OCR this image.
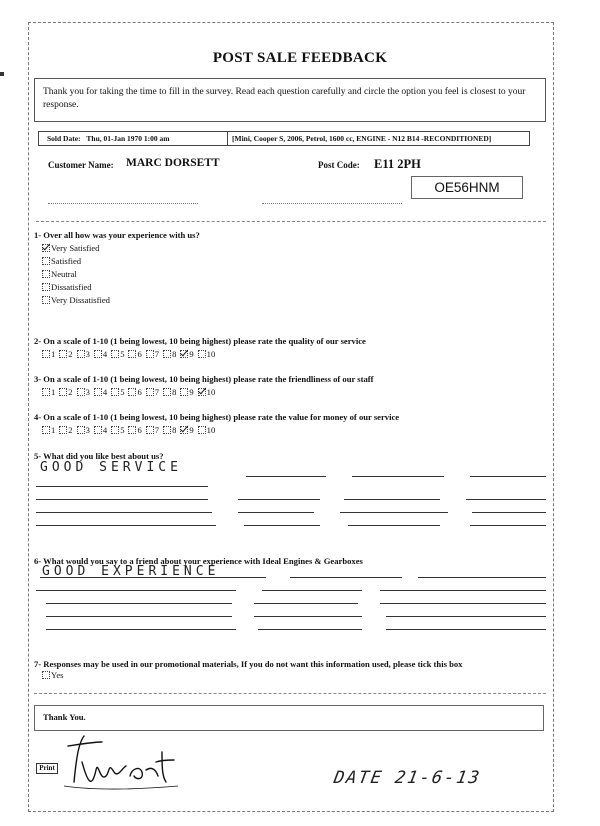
POST SALE FEEDBACK
Thank you for taking the time to fill in the survey. Read each question carefully and circle the option you feel is closest to your response.
Sold Date: Thu, 01-Jan 1970 1:00 am	[Mini, Cooper S, 2006, Petrol, 1600 cc, ENGINE - N12 B14 -RECONDITIONED]
Customer Name: MARC DORSETT	Post Code: E11 2PH
OE56HNM
1- Over all how was your experience with us?
Very Satisfied
Satisfied
Neutral
Dissatisfied
Very Dissatisfied
2- On a scale of 1-10 (1 being lowest, 10 being highest) please rate the quality of our service
1 2 3 4 5 6 7 8 9 10
3- On a scale of 1-10 (1 being lowest, 10 being highest) please rate the friendliness of our staff
1 2 3 4 5 6 7 8 9 10
4- On a scale of 1-10 (1 being lowest, 10 being highest) please rate the value for money of our service
1 2 3 4 5 6 7 8 9 10
5- What did you like best about us?
GOOD SERVICE
6- What would you say to a friend about your experience with Ideal Engines & Gearboxes
GOOD EXPERIENCE
7- Responses may be used in our promotional materials, If you do not want this information used, please tick this box
Yes
Thank You.
Print	DATE 21-6-13
